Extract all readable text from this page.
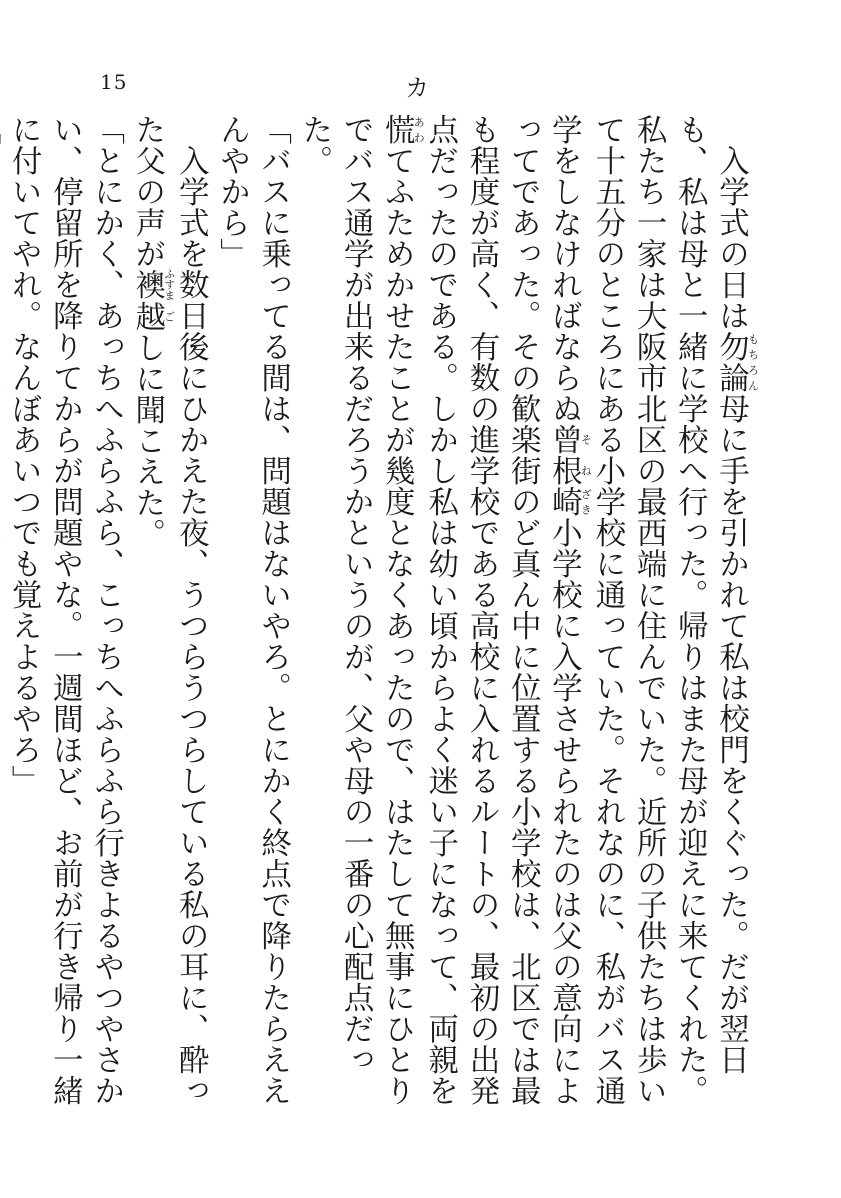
15	カ

入学式の日は勿論もちろん母に手を引かれて私は校門をくぐった。だが翌日も、私は母と一緒に学校へ行った。帰りはまた母が迎えに来てくれた。私たち一家は大阪市北区の最西端に住んでいた。近所の子供たちは歩いて十五分のところにある小学校に通っていた。それなのに、私がバス通学をしなければならぬ曾そ根ね崎ざき小学校に入学させられたのは父の意向によってであった。その歓楽街のど真ん中に位置する小学校は、北区では最も程度が高く、有数の進学校である高校に入れるルートの、最初の出発点だったのである。しかし私は幼い頃からよく迷い子になって、両親を慌あわてふためかせたことが幾度となくあったので、はたして無事にひとりでバス通学が出来るだろうかというのが、父や母の一番の心配点だった。

「バスに乗ってる間は、問題はないやろ。とにかく終点で降りたらええんやから」

入学式を数日後にひかえた夜、うつらうつらしている私の耳に、酔った父の声が襖ふすま越ごしに聞こえた。

「とにかく、あっちへふらふら、こっちへふらふら行きよるやつやさかい、停留所を降りてからが問題やな。一週間ほど、お前が行き帰り一緒に付いてやれ。なんぼあいつでも覚えよるやろ」
